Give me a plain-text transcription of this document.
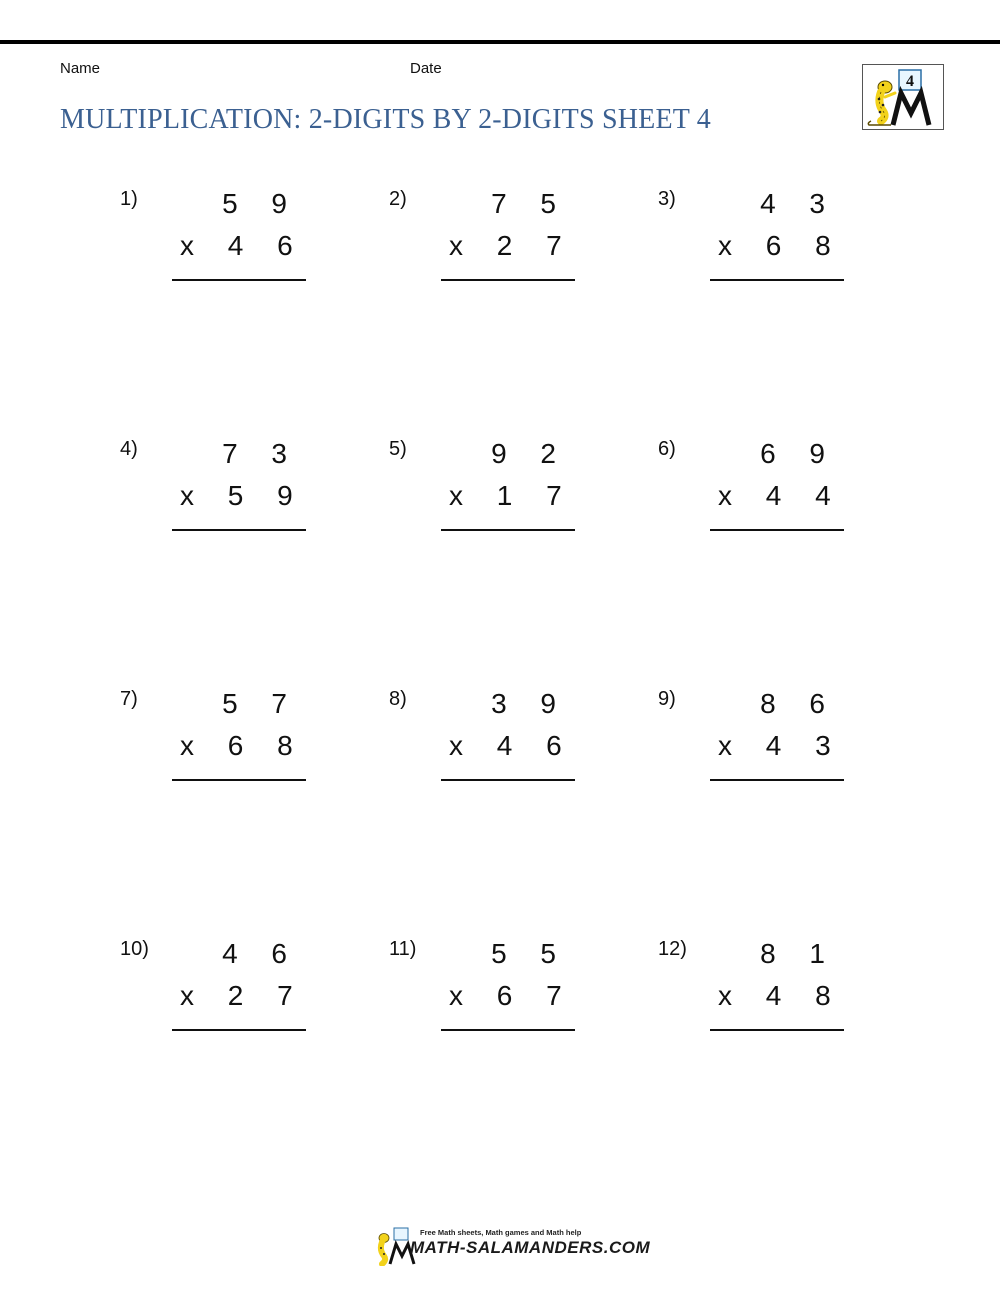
Name	Date
MULTIPLICATION: 2-DIGITS BY 2-DIGITS SHEET 4
4
1)	5 9
x 4 6
2)	7 5
x 2 7
3)	4 3
x 6 8
4)	7 3
x 5 9
5)	9 2
x 1 7
6)	6 9
x 4 4
7)	5 7
x 6 8
8)	3 9
x 4 6
9)	8 6
x 4 3
10)	4 6
x 2 7
11)	5 5
x 6 7
12)	8 1
x 4 8
Free Math sheets, Math games and Math help
MATH-SALAMANDERS.COM
